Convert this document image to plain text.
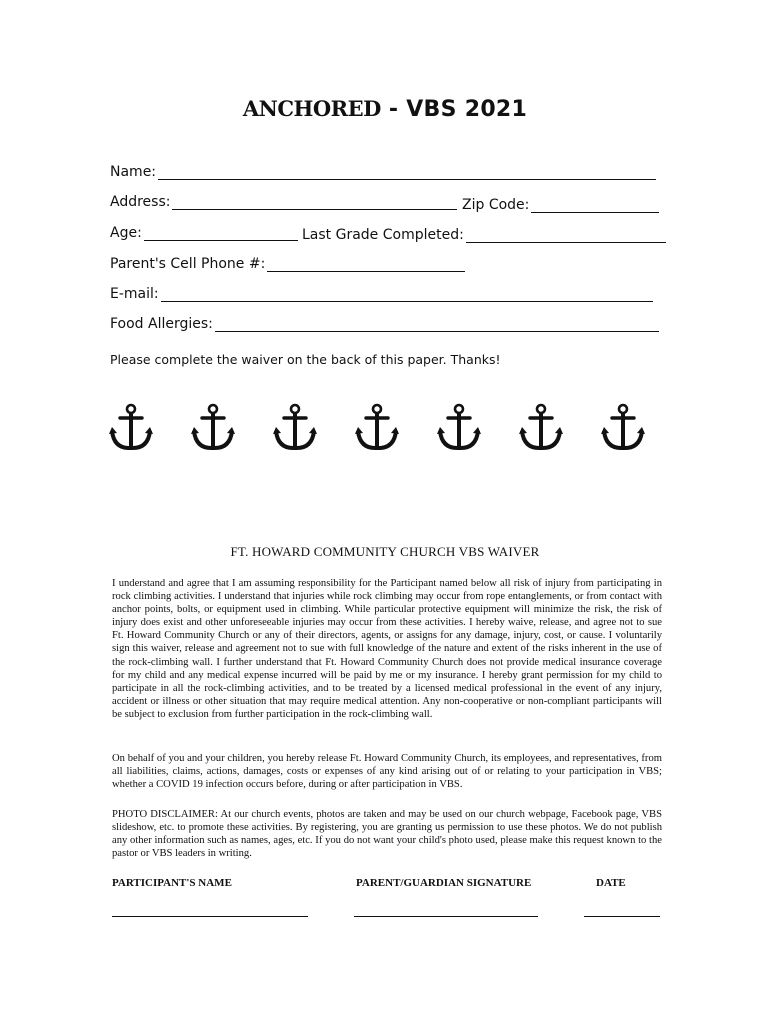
ANCHORED - VBS 2021
Name:
Address:	Zip Code:
Age:	Last Grade Completed:
Parent's Cell Phone #:
E-mail:
Food Allergies:
Please complete the waiver on the back of this paper. Thanks!
FT. HOWARD COMMUNITY CHURCH VBS WAIVER

I understand and agree that I am assuming responsibility for the Participant named below all risk of injury from participating in rock climbing activities. I understand that injuries while rock climbing may occur from rope entanglements, or from contact with anchor points, bolts, or equipment used in climbing. While particular protective equipment will minimize the risk, the risk of injury does exist and other unforeseeable injuries may occur from these activities. I hereby waive, release, and agree not to sue Ft. Howard Community Church or any of their directors, agents, or assigns for any damage, injury, cost, or cause. I voluntarily sign this waiver, release and agreement not to sue with full knowledge of the nature and extent of the risks inherent in the use of the rock-climbing wall. I further understand that Ft. Howard Community Church does not provide medical insurance coverage for my child and any medical expense incurred will be paid by me or my insurance. I hereby grant permission for my child to participate in all the rock-climbing activities, and to be treated by a licensed medical professional in the event of any injury, accident or illness or other situation that may require medical attention. Any non-cooperative or non-compliant participants will be subject to exclusion from further participation in the rock-climbing wall.

On behalf of you and your children, you hereby release Ft. Howard Community Church, its employees, and representatives, from all liabilities, claims, actions, damages, costs or expenses of any kind arising out of or relating to your participation in VBS; whether a COVID 19 infection occurs before, during or after participation in VBS.

PHOTO DISCLAIMER: At our church events, photos are taken and may be used on our church webpage, Facebook page, VBS slideshow, etc. to promote these activities. By registering, you are granting us permission to use these photos. We do not publish any other information such as names, ages, etc. If you do not want your child's photo used, please make this request known to the pastor or VBS leaders in writing.

PARTICIPANT'S NAME	PARENT/GUARDIAN SIGNATURE	DATE
